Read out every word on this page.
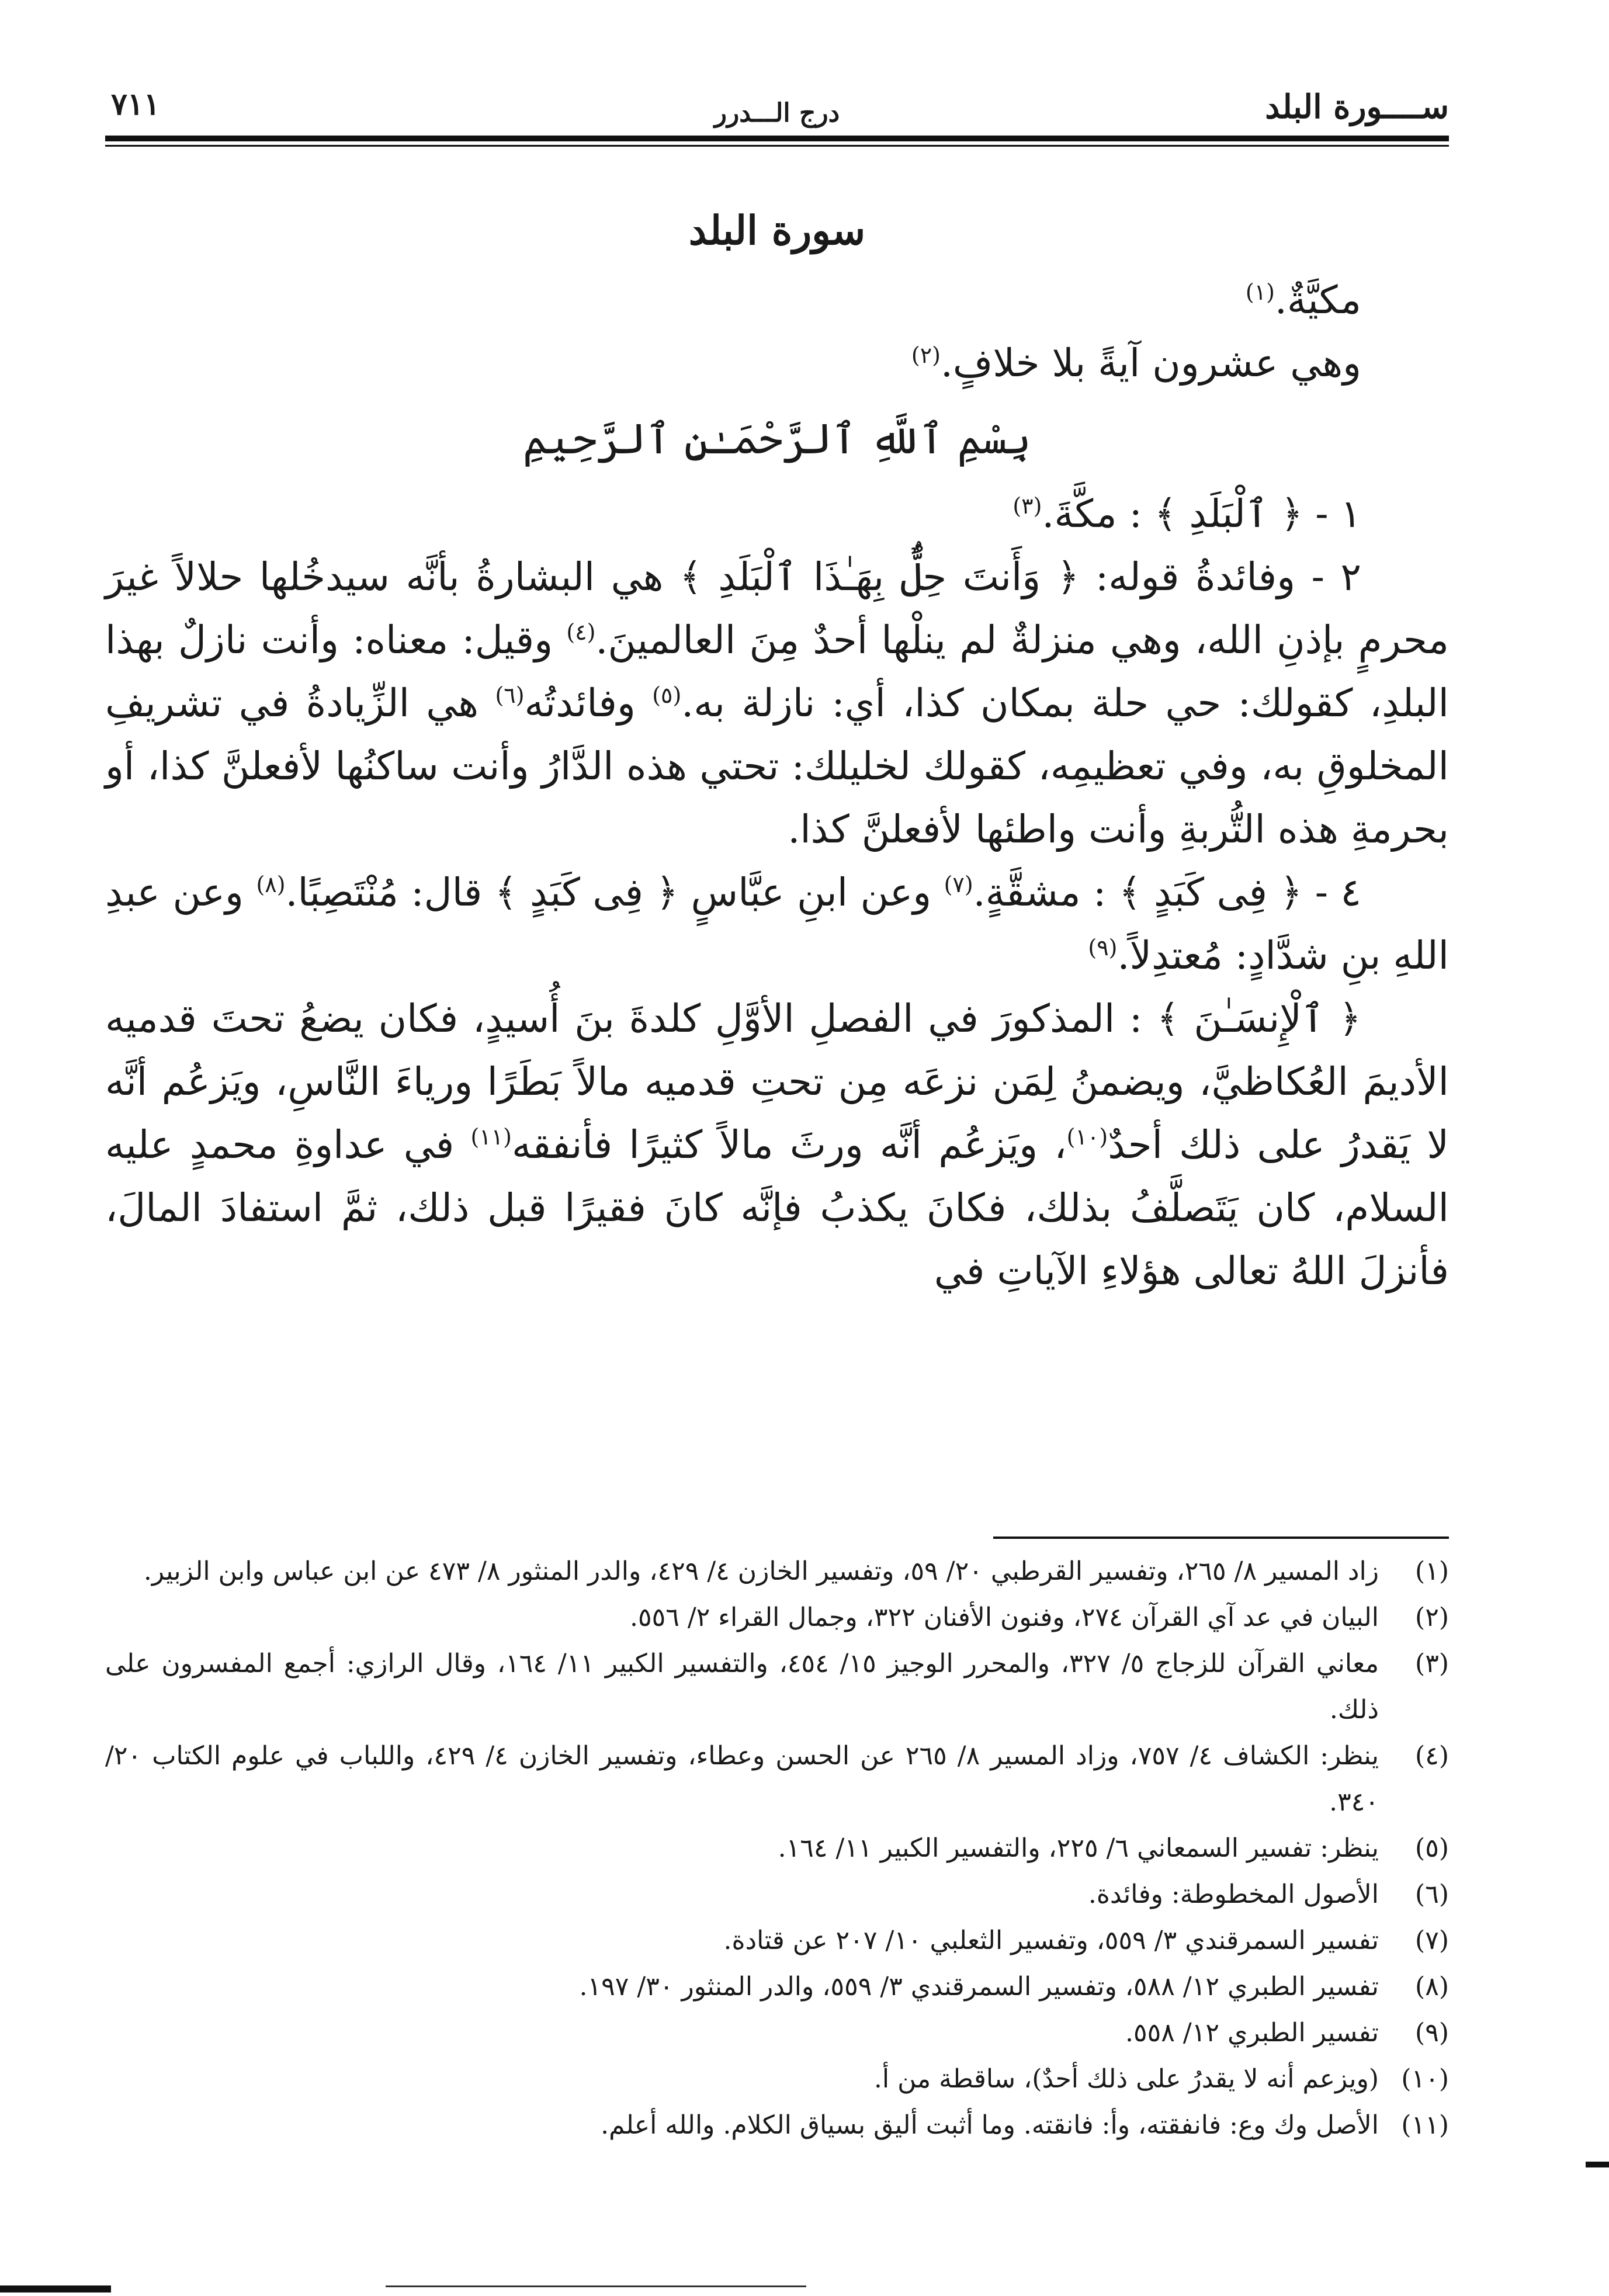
٧١١	درج الـــدرر	ســــورة البلد
سورة البلد

مكيَّةٌ.$^{(١)}$

وهي عشرون آيةً بلا خلافٍ.$^{(٢)}$

بِسْمِ ٱللَّهِ ٱلرَّحْمَـٰنِ ٱلرَّحِيمِ

١ - ﴿ ٱلْبَلَدِ ﴾ : مكَّةَ.$^{(٣)}$

٢ - وفائدةُ قوله: ﴿ وَأَنتَ حِلٌّۢ بِهَـٰذَا ٱلْبَلَدِ ﴾ هي البشارةُ بأنَّه سيدخُلها حلالاً غيرَ محرمٍ بإذنِ الله، وهي منزلةٌ لم ينلْها أحدٌ مِنَ العالمينَ.$^{(٤)}$ وقيل: معناه: وأنت نازلٌ بهذا البلدِ، كقولك: حي حلة بمكان كذا، أي: نازلة به.$^{(٥)}$ وفائدتُه$^{(٦)}$ هي الزِّيادةُ في تشريفِ المخلوقِ به، وفي تعظيمِه، كقولك لخليلك: تحتي هذه الدَّارُ وأنت ساكنُها لأفعلنَّ كذا، أو بحرمةِ هذه التُّربةِ وأنت واطئها لأفعلنَّ كذا.

٤ - ﴿ فِى كَبَدٍ ﴾ : مشقَّةٍ.$^{(٧)}$ وعن ابنِ عبَّاسٍ ﴿ فِى كَبَدٍ ﴾ قال: مُنْتَصِبًا.$^{(٨)}$ وعن عبدِ اللهِ بنِ شدَّادٍ: مُعتدِلاً.$^{(٩)}$

﴿ ٱلْإِنسَـٰنَ ﴾ : المذكورَ في الفصلِ الأوَّلِ كلدةَ بنَ أُسيدٍ، فكان يضعُ تحتَ قدميه الأديمَ العُكاظيَّ، ويضمنُ لِمَن نزعَه مِن تحتِ قدميه مالاً بَطَرًا ورياءَ النَّاسِ، ويَزعُم أنَّه لا يَقدرُ على ذلك أحدٌ$^{(١٠)}$، ويَزعُم أنَّه ورثَ مالاً كثيرًا فأنفقه$^{(١١)}$ في عداوةِ محمدٍ عليه السلام، كان يَتَصلَّفُ بذلك، فكانَ يكذبُ فإنَّه كانَ فقيرًا قبل ذلك، ثمَّ استفادَ المالَ، فأنزلَ اللهُ تعالى هؤلاءِ الآياتِ في

(١)زاد المسير ٨/ ٢٦٥، وتفسير القرطبي ٢٠/ ٥٩، وتفسير الخازن ٤/ ٤٢٩، والدر المنثور ٨/ ٤٧٣ عن ابن عباس وابن الزبير.
(٢)البيان في عد آي القرآن ٢٧٤، وفنون الأفنان ٣٢٢، وجمال القراء ٢/ ٥٥٦.
(٣)معاني القرآن للزجاج ٥/ ٣٢٧، والمحرر الوجيز ١٥/ ٤٥٤، والتفسير الكبير ١١/ ١٦٤، وقال الرازي: أجمع المفسرون على ذلك.
(٤)ينظر: الكشاف ٤/ ٧٥٧، وزاد المسير ٨/ ٢٦٥ عن الحسن وعطاء، وتفسير الخازن ٤/ ٤٢٩، واللباب في علوم الكتاب ٢٠/ ٣٤٠.
(٥)ينظر: تفسير السمعاني ٦/ ٢٢٥، والتفسير الكبير ١١/ ١٦٤.
(٦)الأصول المخطوطة: وفائدة.
(٧)تفسير السمرقندي ٣/ ٥٥٩، وتفسير الثعلبي ١٠/ ٢٠٧ عن قتادة.
(٨)تفسير الطبري ١٢/ ٥٨٨، وتفسير السمرقندي ٣/ ٥٥٩، والدر المنثور ٣٠/ ١٩٧.
(٩)تفسير الطبري ١٢/ ٥٥٨.
(١٠)(ويزعم أنه لا يقدرُ على ذلك أحدٌ)، ساقطة من أ.
(١١)الأصل وك وع: فانفقته، وأ: فانقته. وما أثبت أليق بسياق الكلام. والله أعلم.
